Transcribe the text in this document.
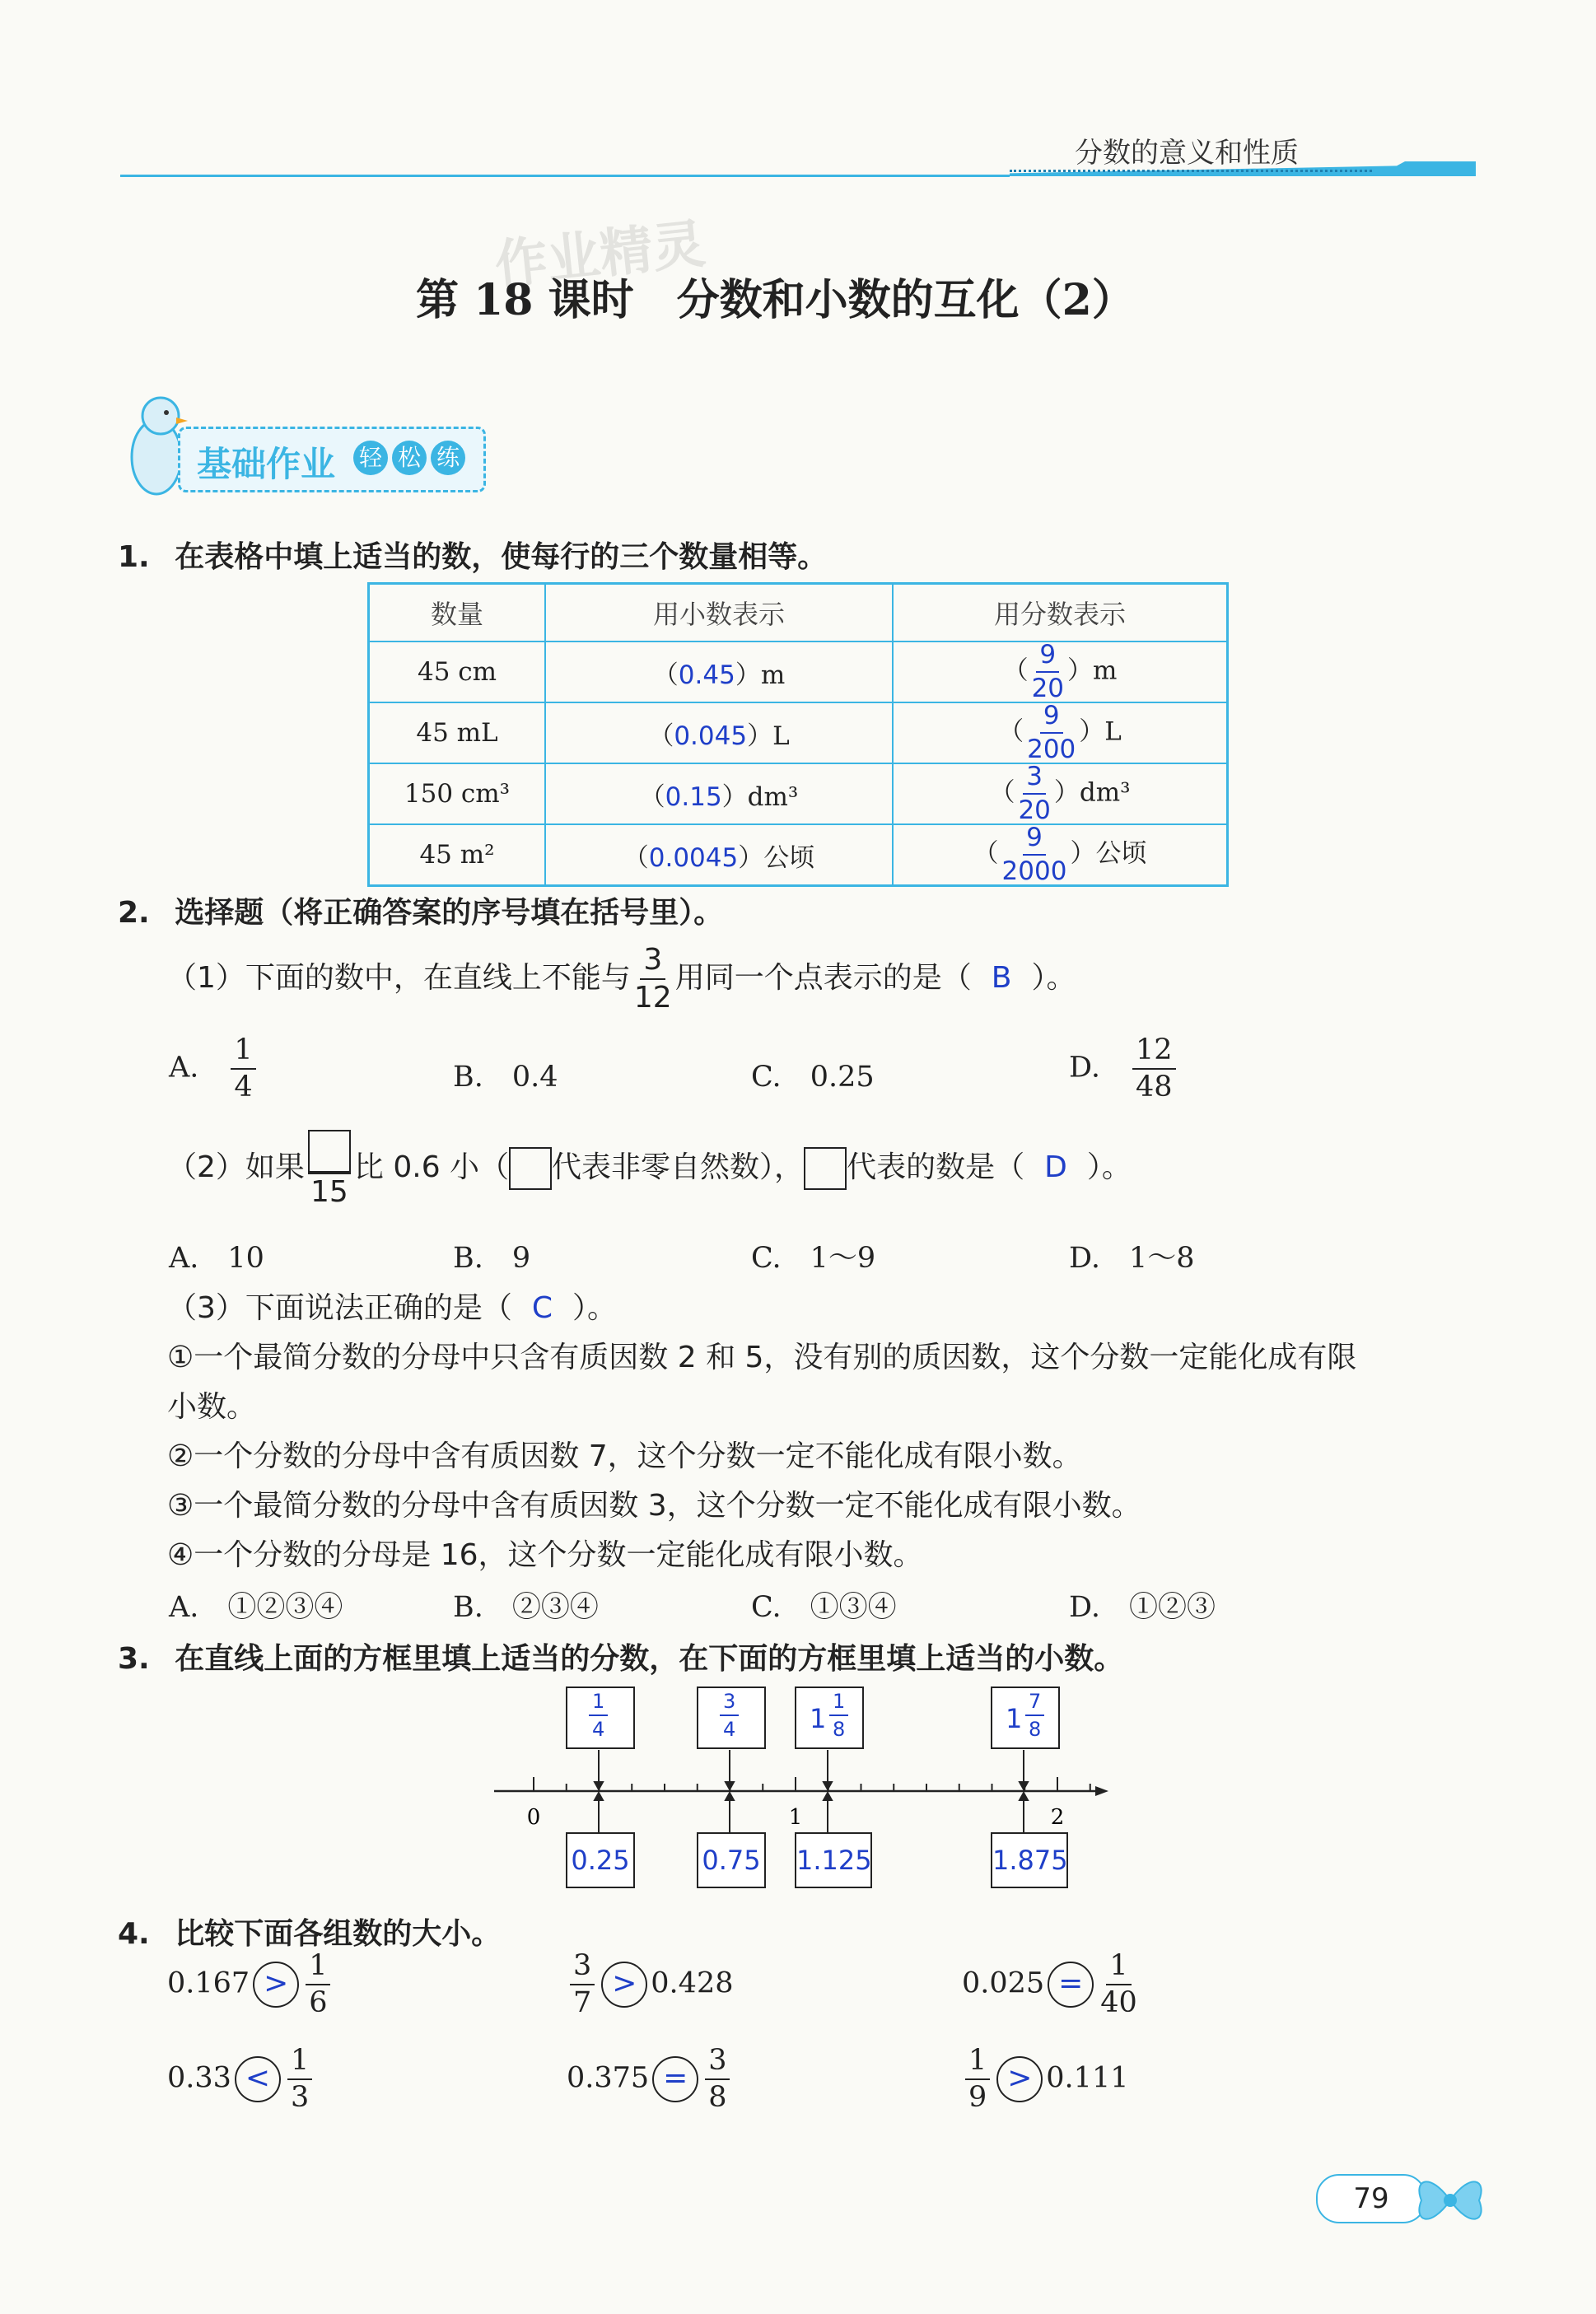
分数的意义和性质
作业精灵
第 18 课时　分数和小数的互化（2）
基础作业 轻 松 练
1. 在表格中填上适当的数，使每行的三个数量相等。
数量	用小数表示	用分数表示
45 cm	（0.45）m	（ $\frac{9}{20} )m$
45 mL	（0.045）L	（ $\frac{9}{200} )L$
150 cm³	（0.15）dm³	（ $\frac{3}{20} )dm^3$
45 m²	（0.0045）公顷	（ $\frac{9}{2000}$ ）公顷
2. 选择题（将正确答案的序号填在括号里）。
（1）下面的数中，在直线上不能与 $\frac{3}{12}$ 用同一个点表示的是（ B ）。
A.　 $\frac{1}{4}$	B.　 0.4	C.　 0.25	D.　 $\frac{12}{48}$
（2）如果
15
比 0.6 小（ 代表非零自然数）， 代表的数是（ D ）。
A.　10	B.　9	C.　1～9	D.　1～8
（3）下面说法正确的是（ C ）。
①一个最简分数的分母中只含有质因数 2 和 5，没有别的质因数，这个分数一定能化成有限
小数。
②一个分数的分母中含有质因数 7，这个分数一定不能化成有限小数。
③一个最简分数的分母中含有质因数 3，这个分数一定不能化成有限小数。
④一个分数的分母是 16，这个分数一定能化成有限小数。
A.　①②③④	B.　②③④	C.　①③④	D.　①②③
3. 在直线上面的方框里填上适当的分数，在下面的方框里填上适当的小数。
0	1	2
$\frac{1}{4}$	$\frac{3}{4}$	$1 \frac{1}{8}$	$1 \frac{7}{8}$
0.25	0.75 1.125	1.875
4. 比较下面各组数的大小。
$0.167 > \frac{1}{6}$	$\frac{3}{7} > 0.428$	$0.025 = \frac{1}{40}$
$0.33 < \frac{1}{3}$	$0.375 = \frac{3}{8}$	$\frac{1}{9} > 0.111$
79
